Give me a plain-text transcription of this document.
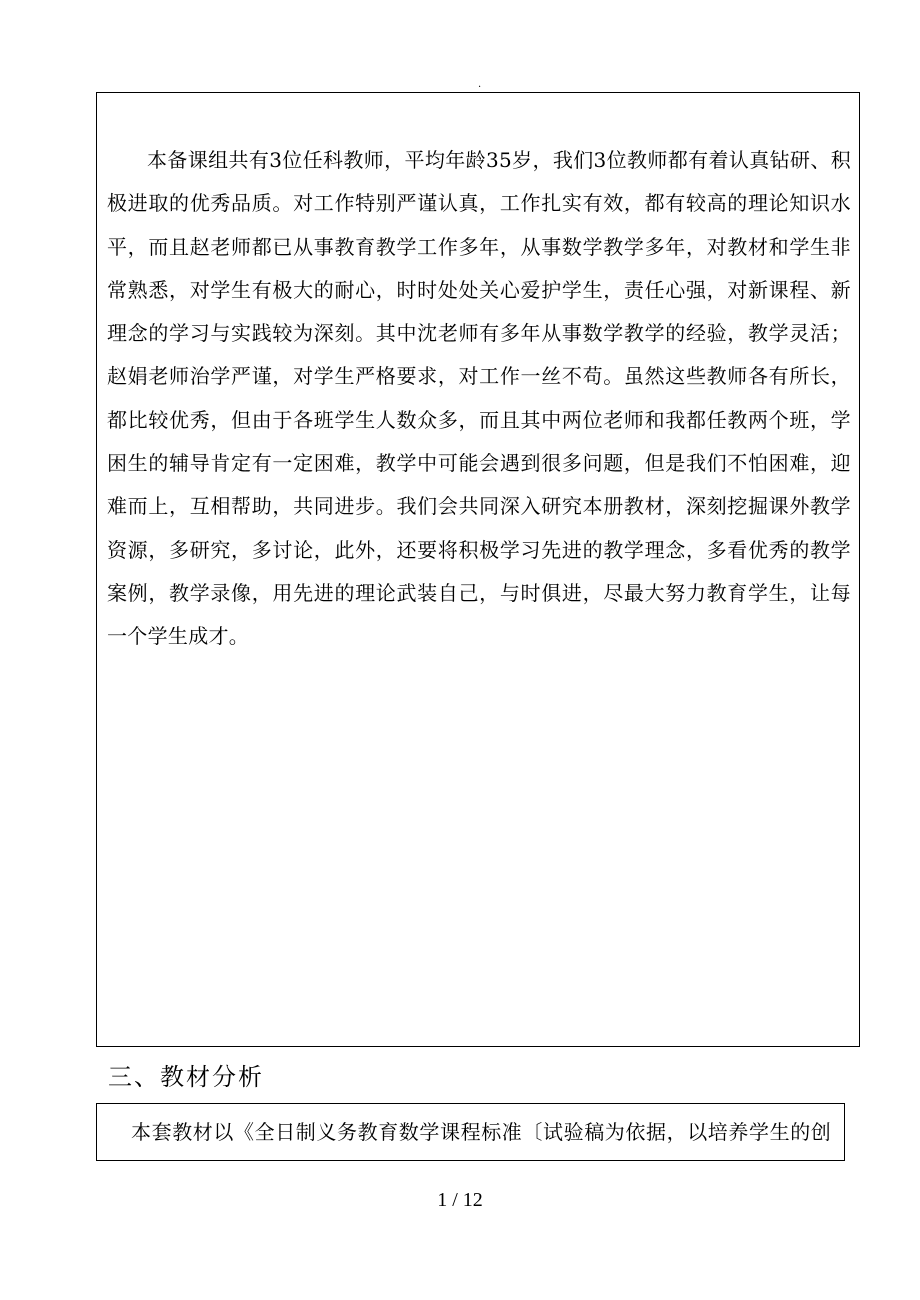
.

本备课组共有3位任科教师，平均年龄35岁，我们3位教师都有着认真钻研、积极进取的优秀品质。对工作特别严谨认真，工作扎实有效，都有较高的理论知识水平，而且赵老师都已从事教育教学工作多年，从事数学教学多年，对教材和学生非常熟悉，对学生有极大的耐心，时时处处关心爱护学生，责任心强，对新课程、新理念的学习与实践较为深刻。其中沈老师有多年从事数学教学的经验，教学灵活；赵娟老师治学严谨，对学生严格要求，对工作一丝不苟。虽然这些教师各有所长，都比较优秀，但由于各班学生人数众多，而且其中两位老师和我都任教两个班，学困生的辅导肯定有一定困难，教学中可能会遇到很多问题，但是我们不怕困难，迎难而上，互相帮助，共同进步。我们会共同深入研究本册教材，深刻挖掘课外教学资源，多研究，多讨论，此外，还要将积极学习先进的教学理念，多看优秀的教学案例，教学录像，用先进的理论武装自己，与时俱进，尽最大努力教育学生，让每一个学生成才。

三、教材分析

本套教材以《全日制义务教育数学课程标准〔试验稿为依据，以培养学生的创

1 / 12
